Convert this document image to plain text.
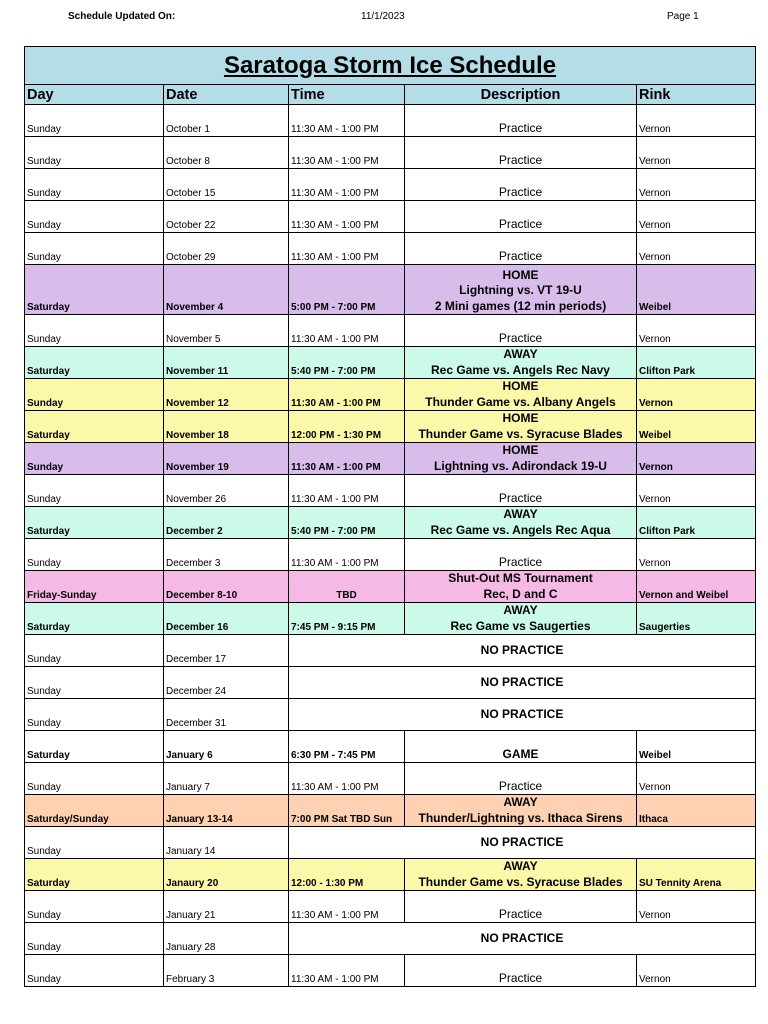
Schedule Updated On:	11/1/2023	Page 1
Saratoga Storm Ice Schedule				
Day	Date	Time	Description	Rink
Sunday	October 1	11:30 AM - 1:00 PM	Practice	Vernon
Sunday	October 8	11:30 AM - 1:00 PM	Practice	Vernon
Sunday	October 15	11:30 AM - 1:00 PM	Practice	Vernon
Sunday	October 22	11:30 AM - 1:00 PM	Practice	Vernon
Sunday	October 29	11:30 AM - 1:00 PM	Practice	Vernon
Saturday	November 4	5:00 PM - 7:00 PM	HOME
Lightning vs. VT 19-U
2 Mini games (12 min periods)	Weibel
Sunday	November 5	11:30 AM - 1:00 PM	Practice	Vernon
Saturday	November 11	5:40 PM - 7:00 PM	AWAY
Rec Game vs. Angels Rec Navy	Clifton Park
Sunday	November 12	11:30 AM - 1:00 PM	HOME
Thunder Game vs. Albany Angels	Vernon
Saturday	November 18	12:00 PM - 1:30 PM	HOME
Thunder Game vs. Syracuse Blades	Weibel
Sunday	November 19	11:30 AM - 1:00 PM	HOME
Lightning vs. Adirondack 19-U	Vernon
Sunday	November 26	11:30 AM - 1:00 PM	Practice	Vernon
Saturday	December 2	5:40 PM - 7:00 PM	AWAY
Rec Game vs. Angels Rec Aqua	Clifton Park
Sunday	December 3	11:30 AM - 1:00 PM	Practice	Vernon
Friday-Sunday	December 8-10	TBD	Shut-Out MS Tournament
Rec, D and C	Vernon and Weibel
Saturday	December 16	7:45 PM - 9:15 PM	AWAY
Rec Game vs Saugerties	Saugerties
Sunday	December 17	NO PRACTICE		
Sunday	December 24	NO PRACTICE		
Sunday	December 31	NO PRACTICE		
Saturday	January 6	6:30 PM - 7:45 PM	GAME	Weibel
Sunday	January 7	11:30 AM - 1:00 PM	Practice	Vernon
Saturday/Sunday	January 13-14	7:00 PM Sat TBD Sun	AWAY
Thunder/Lightning vs. Ithaca Sirens	Ithaca
Sunday	January 14	NO PRACTICE		
Saturday	Janaury 20	12:00 - 1:30 PM	AWAY
Thunder Game vs. Syracuse Blades	SU Tennity Arena
Sunday	January 21	11:30 AM - 1:00 PM	Practice	Vernon
Sunday	January 28	NO PRACTICE		
Sunday	February 3	11:30 AM - 1:00 PM	Practice	Vernon
